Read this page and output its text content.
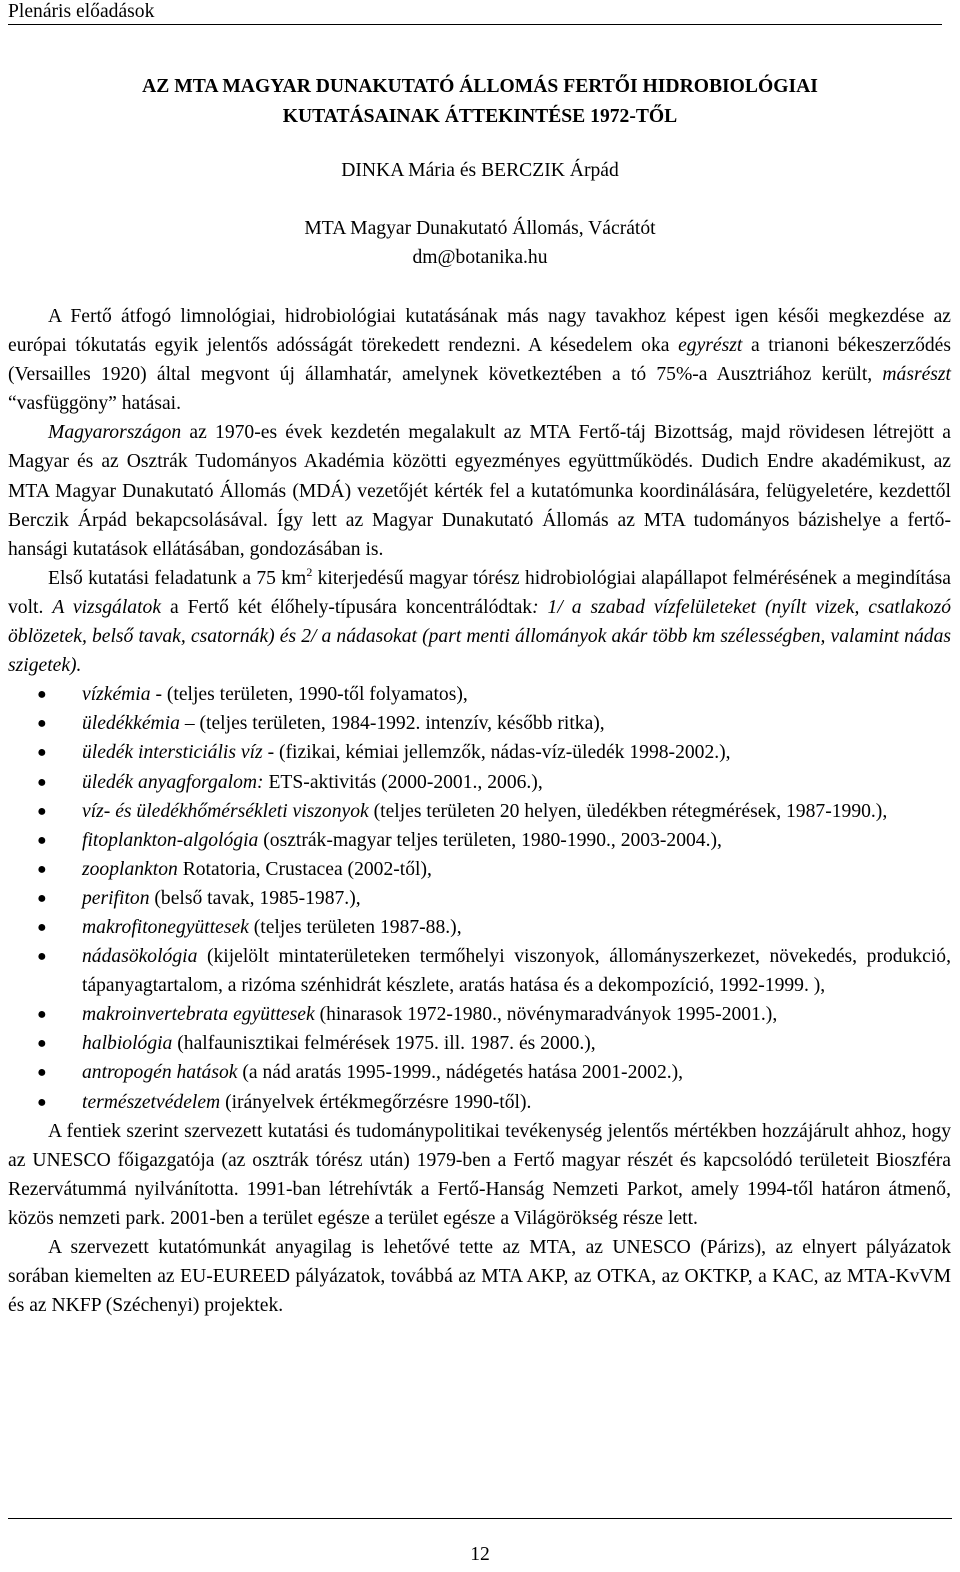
Plenáris előadások
AZ MTA MAGYAR DUNAKUTATÓ ÁLLOMÁS FERTŐI HIDROBIOLÓGIAI
KUTATÁSAINAK ÁTTEKINTÉSE 1972-TŐL
DINKA Mária és BERCZIK Árpád
MTA Magyar Dunakutató Állomás, Vácrátót
dm@botanika.hu

A Fertő átfogó limnológiai, hidrobiológiai kutatásának más nagy tavakhoz képest igen késői megkezdése az európai tókutatás egyik jelentős adósságát törekedett rendezni. A késedelem oka egyrészt a trianoni békeszerződés (Versailles 1920) által megvont új államhatár, amelynek következtében a tó 75%-a Ausztriához került, másrészt “vasfüggöny” hatásai.

Magyarországon az 1970-es évek kezdetén megalakult az MTA Fertő-táj Bizottság, majd rövidesen létrejött a Magyar és az Osztrák Tudományos Akadémia közötti egyezményes együttműködés. Dudich Endre akadémikust, az MTA Magyar Dunakutató Állomás (MDÁ) vezetőjét kérték fel a kutatómunka koordinálására, felügyeletére, kezdettől Berczik Árpád bekapcsolásával. Így lett az Magyar Dunakutató Állomás az MTA tudományos bázishelye a fertő-hansági kutatások ellátásában, gondozásában is.

Első kutatási feladatunk a 75 $km^2$ kiterjedésű magyar tórész hidrobiológiai alapállapot felmérésének a megindítása volt. A vizsgálatok a Fertő két élőhely-típusára koncentrálódtak: 1/ a szabad vízfelületeket (nyílt vizek, csatlakozó öblözetek, belső tavak, csatornák) és 2/ a nádasokat (part menti állományok akár több km szélességben, valamint nádas szigetek).

● vízkémia - (teljes területen, 1990-től folyamatos),
● üledékkémia – (teljes területen, 1984-1992. intenzív, később ritka),
● üledék intersticiális víz - (fizikai, kémiai jellemzők, nádas-víz-üledék 1998-2002.),
● üledék anyagforgalom: ETS-aktivitás (2000-2001., 2006.),
● víz- és üledékhőmérsékleti viszonyok (teljes területen 20 helyen, üledékben rétegmérések, 1987-1990.),
● fitoplankton-algológia (osztrák-magyar teljes területen, 1980-1990., 2003-2004.),
● zooplankton Rotatoria, Crustacea (2002-től),
● perifiton (belső tavak, 1985-1987.),
● makrofitonegyüttesek (teljes területen 1987-88.),
● nádasökológia (kijelölt mintaterületeken termőhelyi viszonyok, állományszerkezet, növekedés, produkció, tápanyagtartalom, a rizóma szénhidrát készlete, aratás hatása és a dekompozíció, 1992-1999. ),
● makroinvertebrata együttesek (hinarasok 1972-1980., növénymaradványok 1995-2001.),
● halbiológia (halfaunisztikai felmérések 1975. ill. 1987. és 2000.),
● antropogén hatások (a nád aratás 1995-1999., nádégetés hatása 2001-2002.),
● természetvédelem (irányelvek értékmegőrzésre 1990-től).

A fentiek szerint szervezett kutatási és tudománypolitikai tevékenység jelentős mértékben hozzájárult ahhoz, hogy az UNESCO főigazgatója (az osztrák tórész után) 1979-ben a Fertő magyar részét és kapcsolódó területeit Bioszféra Rezervátummá nyilvánította. 1991-ban létrehívták a Fertő-Hanság Nemzeti Parkot, amely 1994-től határon átmenő, közös nemzeti park. 2001-ben a terület egésze a terület egésze a Világörökség része lett.

A szervezett kutatómunkát anyagilag is lehetővé tette az MTA, az UNESCO (Párizs), az elnyert pályázatok sorában kiemelten az EU-EUREED pályázatok, továbbá az MTA AKP, az OTKA, az OKTKP, a KAC, az MTA-KvVM és az NKFP (Széchenyi) projektek.

12
